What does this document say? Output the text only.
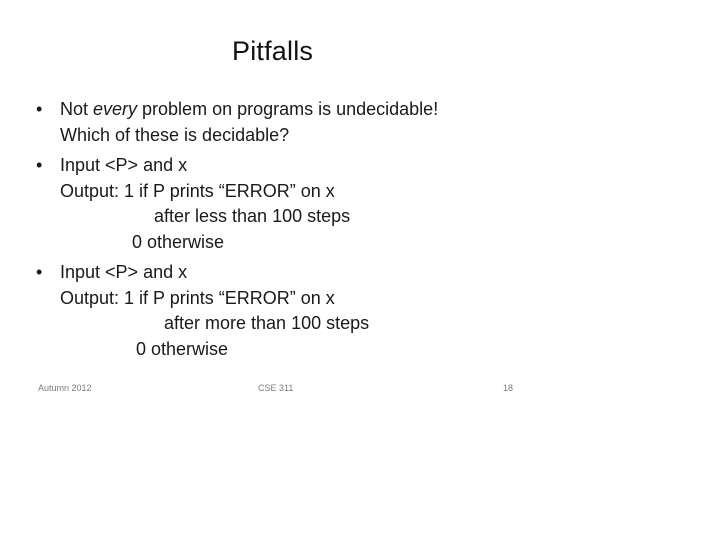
Pitfalls
• Not every problem on programs is undecidable!
Which of these is decidable?
• Input <P> and x
Output: 1 if P prints “ERROR” on x
after less than 100 steps
0 otherwise
• Input <P> and x
Output: 1 if P prints “ERROR” on x
after more than 100 steps
0 otherwise
Autumn 2012	CSE 311	18
